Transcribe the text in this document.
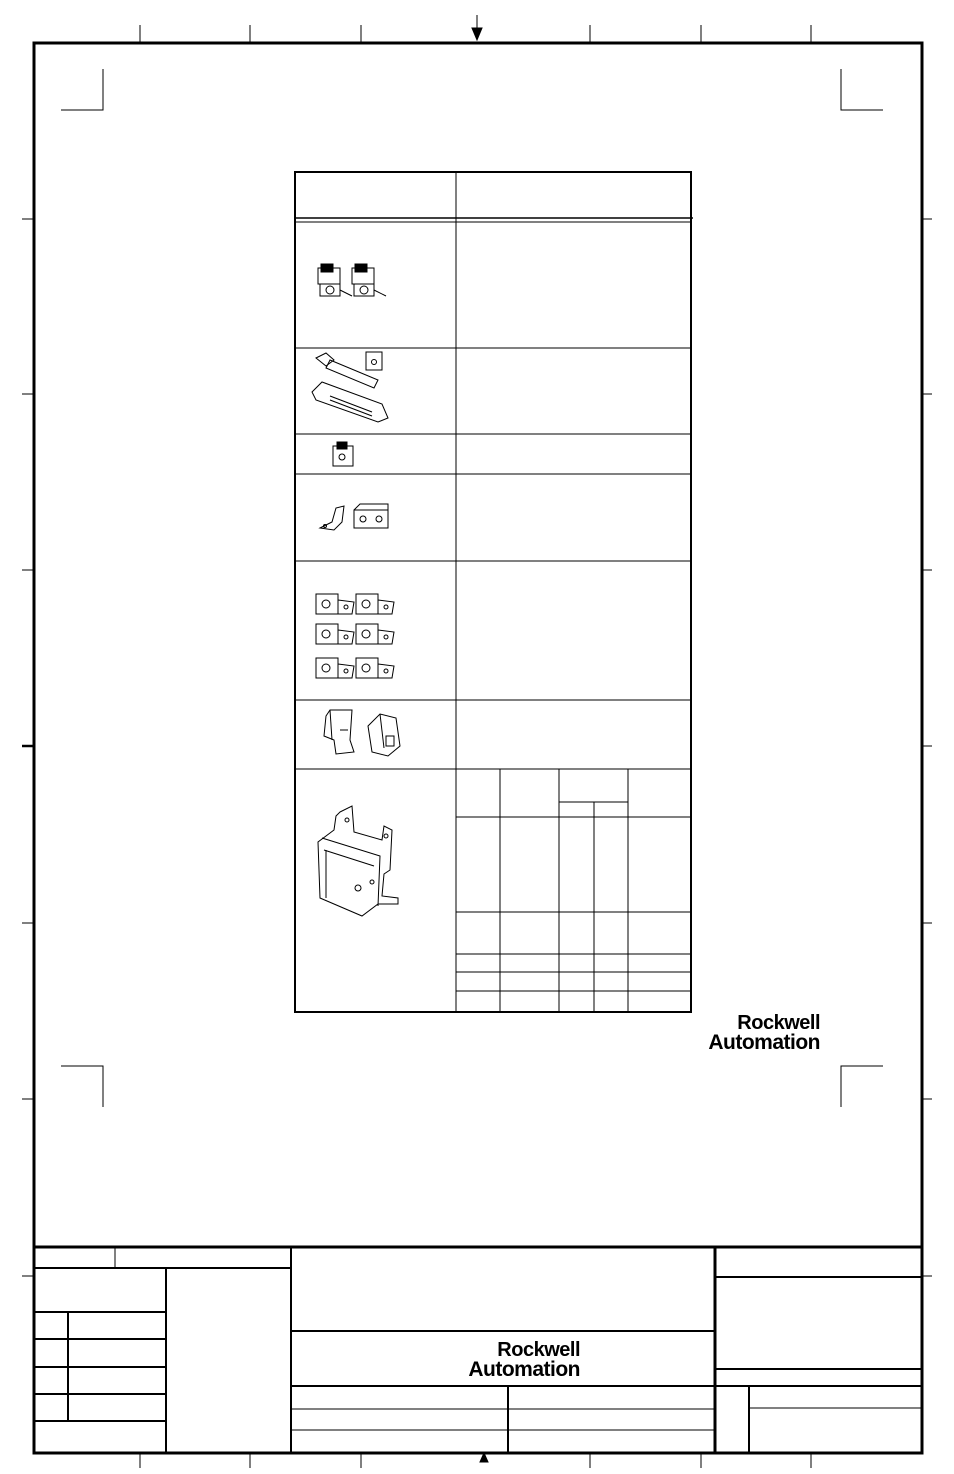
Rockwell
Automation
Rockwell
Automation
